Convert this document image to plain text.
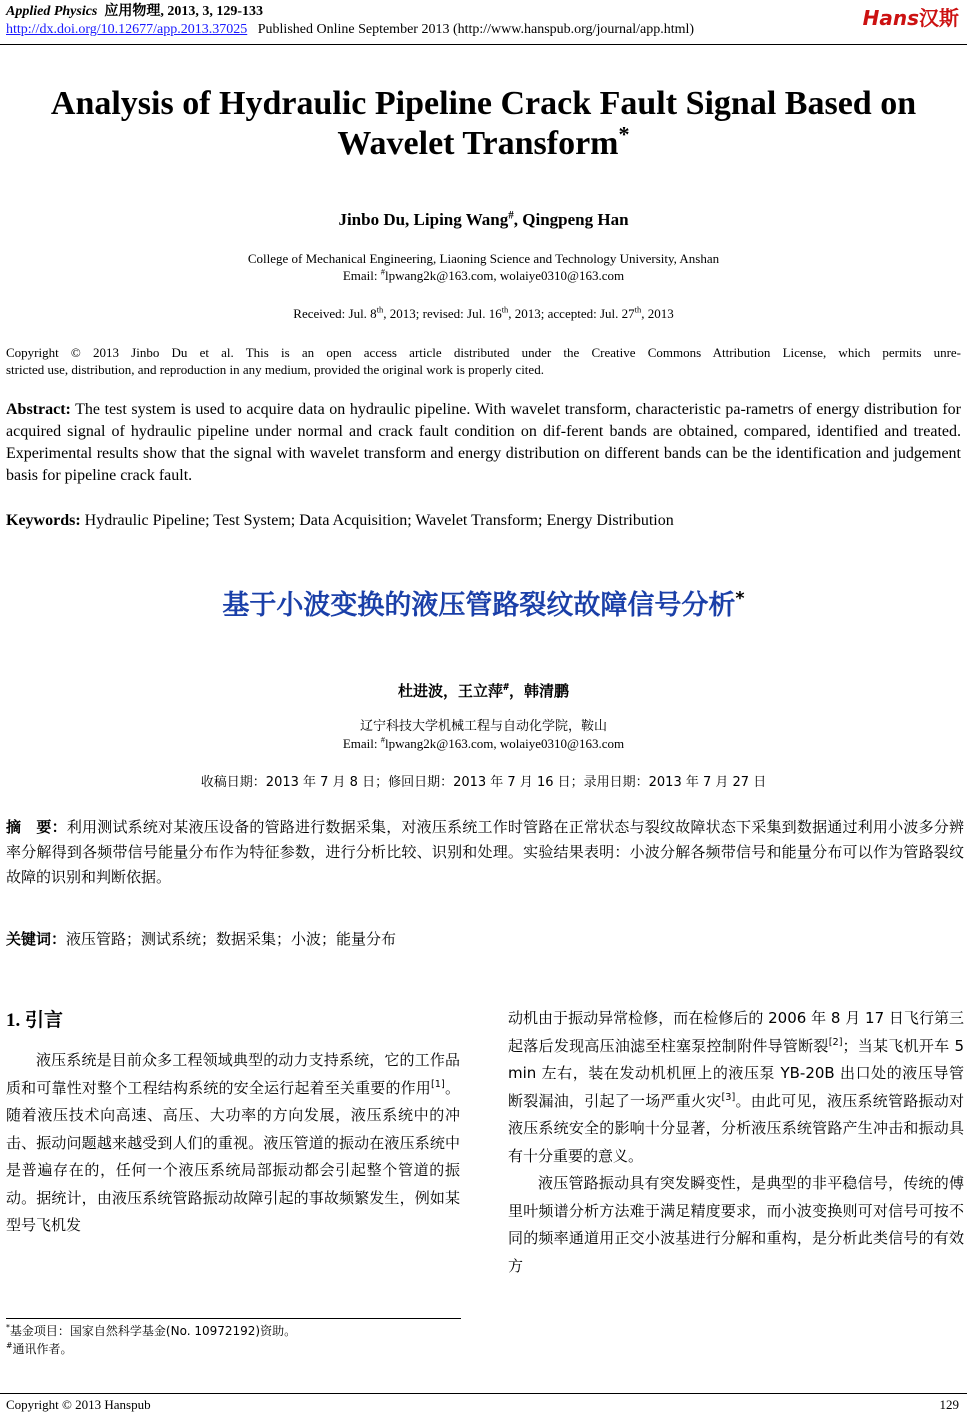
Applied Physics 应用物理, 2013, 3, 129-133
http://dx.doi.org/10.12677/app.2013.37025 Published Online September 2013 (http://www.hanspub.org/journal/app.html)	Hans汉斯
Analysis of Hydraulic Pipeline Crack Fault Signal Based on
Wavelet Transform*
Jinbo Du, Liping Wang#, Qingpeng Han
College of Mechanical Engineering, Liaoning Science and Technology University, Anshan
Email: #lpwang2k@163.com, wolaiye0310@163.com
Received: Jul. 8th, 2013; revised: Jul. 16th, 2013; accepted: Jul. 27th, 2013
Copyright © 2013 Jinbo Du et al. This is an open access article distributed under the Creative Commons Attribution License, which permits unre-
stricted use, distribution, and reproduction in any medium, provided the original work is properly cited.
Abstract: The test system is used to acquire data on hydraulic pipeline. With wavelet transform, characteristic pa-rametrs of energy distribution for acquired signal of hydraulic pipeline under normal and crack fault condition on dif-ferent bands are obtained, compared, identified and treated. Experimental results show that the signal with wavelet transform and energy distribution on different bands can be the identification and judgement basis for pipeline crack fault.
Keywords: Hydraulic Pipeline; Test System; Data Acquisition; Wavelet Transform; Energy Distribution
基于小波变换的液压管路裂纹故障信号分析*
杜进波，王立萍#，韩清鹏
辽宁科技大学机械工程与自动化学院，鞍山
Email: #lpwang2k@163.com, wolaiye0310@163.com
收稿日期：2013 年 7 月 8 日；修回日期：2013 年 7 月 16 日；录用日期：2013 年 7 月 27 日
摘　要：利用测试系统对某液压设备的管路进行数据采集，对液压系统工作时管路在正常状态与裂纹故障状态下采集到数据通过利用小波多分辨率分解得到各频带信号能量分布作为特征参数，进行分析比较、识别和处理。实验结果表明：小波分解各频带信号和能量分布可以作为管路裂纹故障的识别和判断依据。
关键词：液压管路；测试系统；数据采集；小波；能量分布
1. 引言
液压系统是目前众多工程领域典型的动力支持系统，它的工作品质和可靠性对整个工程结构系统的安全运行起着至关重要的作用[1]。随着液压技术向高速、高压、大功率的方向发展，液压系统中的冲击、振动问题越来越受到人们的重视。液压管道的振动在液压系统中是普遍存在的，任何一个液压系统局部振动都会引起整个管道的振动。据统计，由液压系统管路振动故障引起的事故频繁发生，例如某型号飞机发
动机由于振动异常检修，而在检修后的 2006 年 8 月 17 日飞行第三起落后发现高压油滤至柱塞泵控制附件导管断裂[2]；当某飞机开车 5 min 左右，装在发动机机匣上的液压泵 YB-20B 出口处的液压导管断裂漏油，引起了一场严重火灾[3]。由此可见，液压系统管路振动对液压系统安全的影响十分显著，分析液压系统管路产生冲击和振动具有十分重要的意义。
液压管路振动具有突发瞬变性，是典型的非平稳信号，传统的傅里叶频谱分析方法难于满足精度要求，而小波变换则可对信号可按不同的频率通道用正交小波基进行分解和重构，是分析此类信号的有效方
*基金项目：国家自然科学基金(No. 10972192)资助。
#通讯作者。
Copyright © 2013 Hanspub	129
